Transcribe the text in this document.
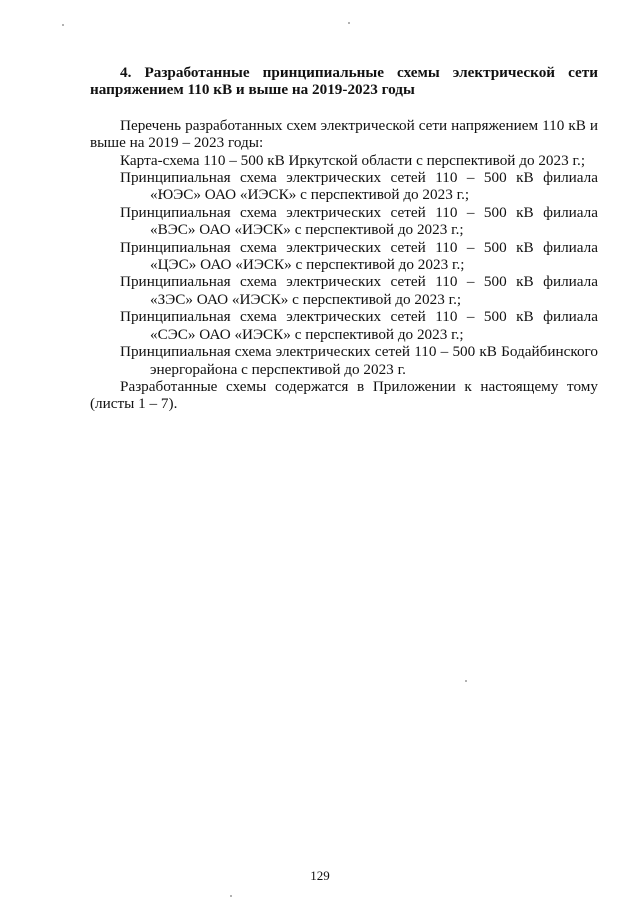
4. Разработанные принципиальные схемы электрической сети напряжением 110 кВ и выше на 2019-2023 годы

Перечень разработанных схем электрической сети напряжением 110 кВ и выше на 2019 – 2023 годы:

Карта-схема 110 – 500 кВ Иркутской области с перспективой до 2023 г.;
Принципиальная схема электрических сетей 110 – 500 кВ филиала «ЮЭС» ОАО «ИЭСК» с перспективой до 2023 г.;
Принципиальная схема электрических сетей 110 – 500 кВ филиала «ВЭС» ОАО «ИЭСК» с перспективой до 2023 г.;
Принципиальная схема электрических сетей 110 – 500 кВ филиала «ЦЭС» ОАО «ИЭСК» с перспективой до 2023 г.;
Принципиальная схема электрических сетей 110 – 500 кВ филиала «ЗЭС» ОАО «ИЭСК» с перспективой до 2023 г.;
Принципиальная схема электрических сетей 110 – 500 кВ филиала «СЭС» ОАО «ИЭСК» с перспективой до 2023 г.;
Принципиальная схема электрических сетей 110 – 500 кВ Бодайбинского энергорайона с перспективой до 2023 г.

Разработанные схемы содержатся в Приложении к настоящему тому (листы 1 – 7).

129
